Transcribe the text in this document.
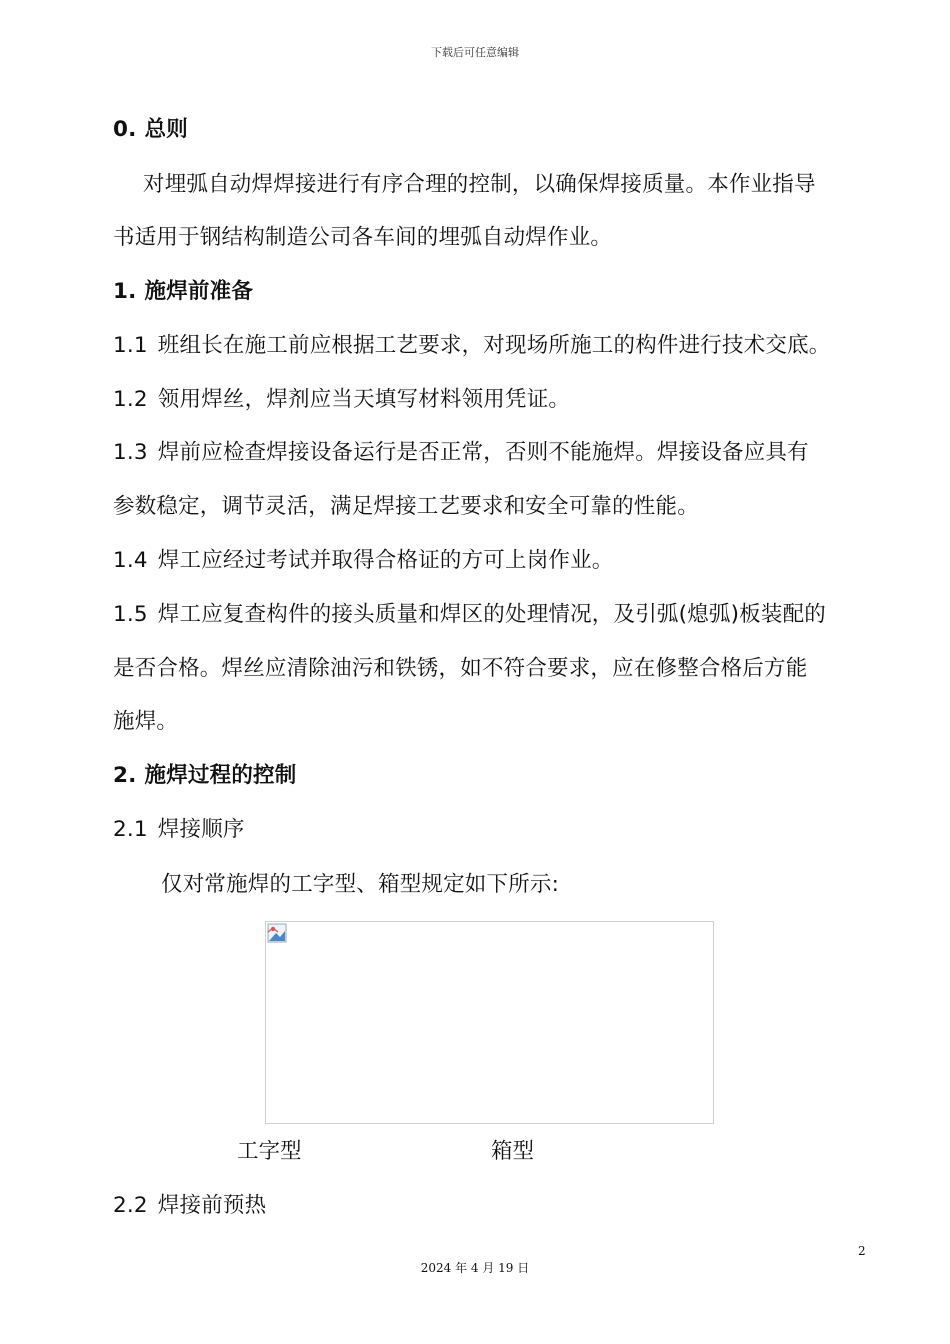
下载后可任意编辑
0. 总则
对埋弧自动焊焊接进行有序合理的控制，以确保焊接质量。本作业指导
书适用于钢结构制造公司各车间的埋弧自动焊作业。
1. 施焊前准备
1.1 班组长在施工前应根据工艺要求，对现场所施工的构件进行技术交底。
1.2 领用焊丝，焊剂应当天填写材料领用凭证。
1.3 焊前应检查焊接设备运行是否正常，否则不能施焊。焊接设备应具有
参数稳定，调节灵活，满足焊接工艺要求和安全可靠的性能。
1.4 焊工应经过考试并取得合格证的方可上岗作业。
1.5 焊工应复查构件的接头质量和焊区的处理情况，及引弧(熄弧)板装配的
是否合格。焊丝应清除油污和铁锈，如不符合要求，应在修整合格后方能
施焊。
2. 施焊过程的控制
2.1 焊接顺序
仅对常施焊的工字型、箱型规定如下所示:
工字型	箱型
2.2 焊接前预热
2
2024 年 4 月 19 日
